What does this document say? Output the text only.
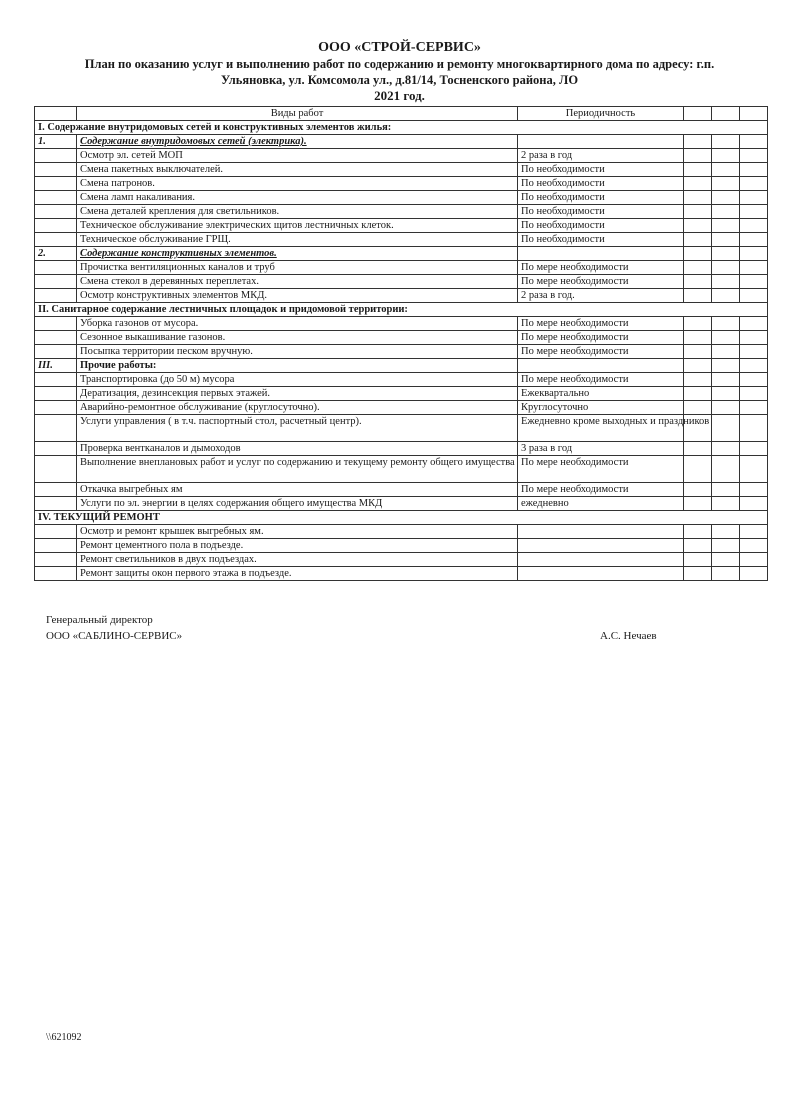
ООО «СТРОЙ-СЕРВИС»
План по оказанию услуг и выполнению работ по содержанию и ремонту многоквартирного дома по адресу: г.п.
Ульяновка, ул. Комсомола ул., д.81/14, Тосненского района, ЛО
2021 год.
	Виды работ	Периодичность			
I. Содержание внутридомовых сетей и конструктивных элементов жилья:					
1.	Содержание внутридомовых сетей (электрика).				
	Осмотр эл. сетей МОП	2 раза в год			
	Смена пакетных выключателей.	По необходимости			
	Смена патронов.	По необходимости			
	Смена ламп накаливания.	По необходимости			
	Смена деталей крепления для светильников.	По необходимости			
	Техническое обслуживание электрических щитов лестничных клеток.	По необходимости			
	Техническое обслуживание ГРЩ.	По необходимости			
2.	Содержание конструктивных элементов.				
	Прочистка вентиляционных каналов и труб	По мере необходимости			
	Смена стекол в деревянных переплетах.	По мере необходимости			
	Осмотр конструктивных элементов МКД.	2 раза в год.			
II. Санитарное содержание лестничных площадок и придомовой территории:					
	Уборка газонов от мусора.	По мере необходимости			
	Сезонное выкашивание газонов.	По мере необходимости			
	Посыпка территории песком вручную.	По мере необходимости			
III.	Прочие работы:				
	Транспортировка (до 50 м) мусора	По мере необходимости			
	Дератизация, дезинсекция первых этажей.	Ежеквартально			
	Аварийно-ремонтное обслуживание (круглосуточно).	Круглосуточно			
	Услуги управления ( в т.ч. паспортный стол, расчетный центр).	Ежедневно кроме выходных и праздников			
	Проверка вентканалов и дымоходов	3 раза в год			
	Выполнение внеплановых работ и услуг по содержанию и текущему ремонту общего имущества	По мере необходимости			
	Откачка выгребных ям	По мере необходимости			
	Услуги по эл. энергии в целях содержания общего имущества МКД	ежедневно			
IV. ТЕКУЩИЙ РЕМОНТ					
	Осмотр и ремонт крышек выгребных ям.				
	Ремонт цементного пола в подъезде.				
	Ремонт светильников в двух подъездах.				
	Ремонт защиты окон первого этажа в подъезде.				
Генеральный директор
ООО «САБЛИНО-СЕРВИС»	А.С. Нечаев
\\621092
